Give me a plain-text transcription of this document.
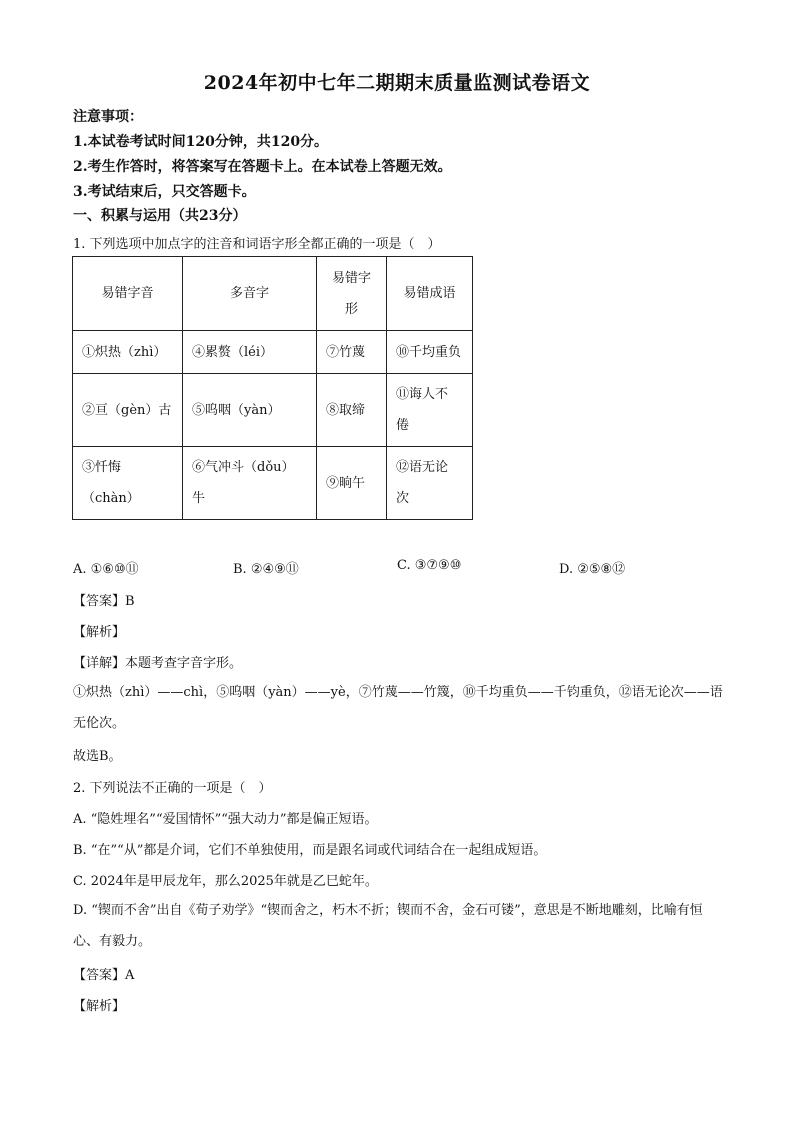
2024年初中七年二期期末质量监测试卷语文
注意事项：
1.本试卷考试时间120分钟，共120分。
2.考生作答时，将答案写在答题卡上。在本试卷上答题无效。
3.考试结束后，只交答题卡。
一、积累与运用（共23分）
1. 下列选项中加点字的注音和词语字形全都正确的一项是（　）
易错字音	多音字	易错字形	易错成语
①炽热（zhì）	④累赘（léi）	⑦竹蔑	⑩千均重负
②亘（gèn）古	⑤呜咽（yàn）	⑧取缔	⑪诲人不倦
③忏悔（chàn）	⑥气冲斗（dǒu）牛	⑨晌午	⑫语无论次
A. ①⑥⑩⑪	B. ②④⑨⑪	C. ③⑦⑨⑩	D. ②⑤⑧⑫
【答案】B
【解析】
【详解】本题考查字音字形。
①炽热（zhì）——chì，⑤呜咽（yàn）——yè，⑦竹蔑——竹篾，⑩千均重负——千钧重负，⑫语无论次——语无伦次。
故选B。
2. 下列说法不正确的一项是（　）
A. “隐姓埋名”“爱国情怀”“强大动力”都是偏正短语。
B. “在”“从”都是介词，它们不单独使用，而是跟名词或代词结合在一起组成短语。
C. 2024年是甲辰龙年，那么2025年就是乙巳蛇年。
D. “锲而不舍”出自《荀子劝学》“锲而舍之，朽木不折；锲而不舍，金石可镂”，意思是不断地雕刻，比喻有恒心、有毅力。
【答案】A
【解析】
